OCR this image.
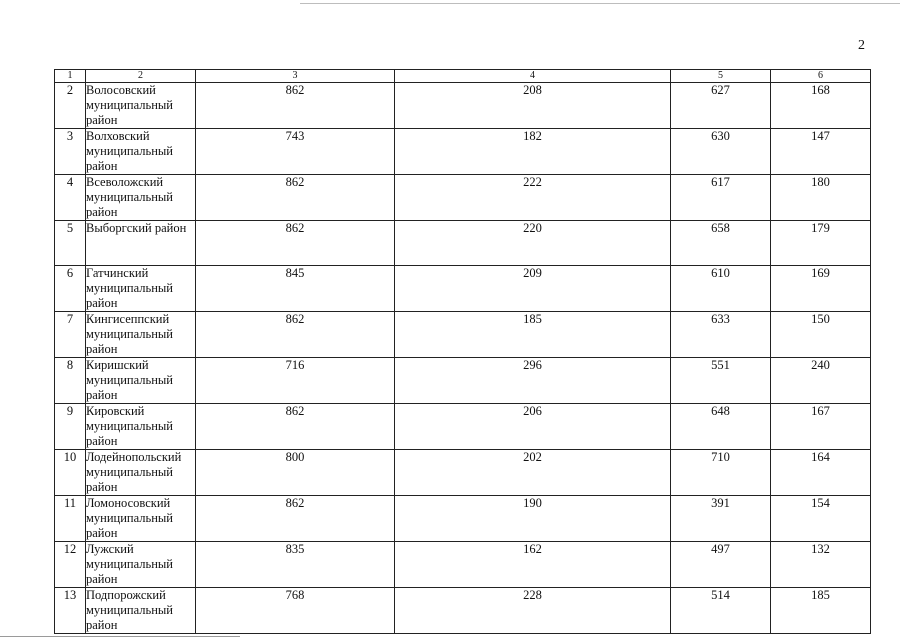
2
1	2	3	4	5	6
2	Волосовский муниципальный район	862	208	627	168
3	Волховский муниципальный район	743	182	630	147
4	Всеволожский муниципальный район	862	222	617	180
5	Выборгский район	862	220	658	179
6	Гатчинский муниципальный район	845	209	610	169
7	Кингисеппский муниципальный район	862	185	633	150
8	Киришский муниципальный район	716	296	551	240
9	Кировский муниципальный район	862	206	648	167
10	Лодейнопольский муниципальный район	800	202	710	164
11	Ломоносовский муниципальный район	862	190	391	154
12	Лужский муниципальный район	835	162	497	132
13	Подпорожский муниципальный район	768	228	514	185
